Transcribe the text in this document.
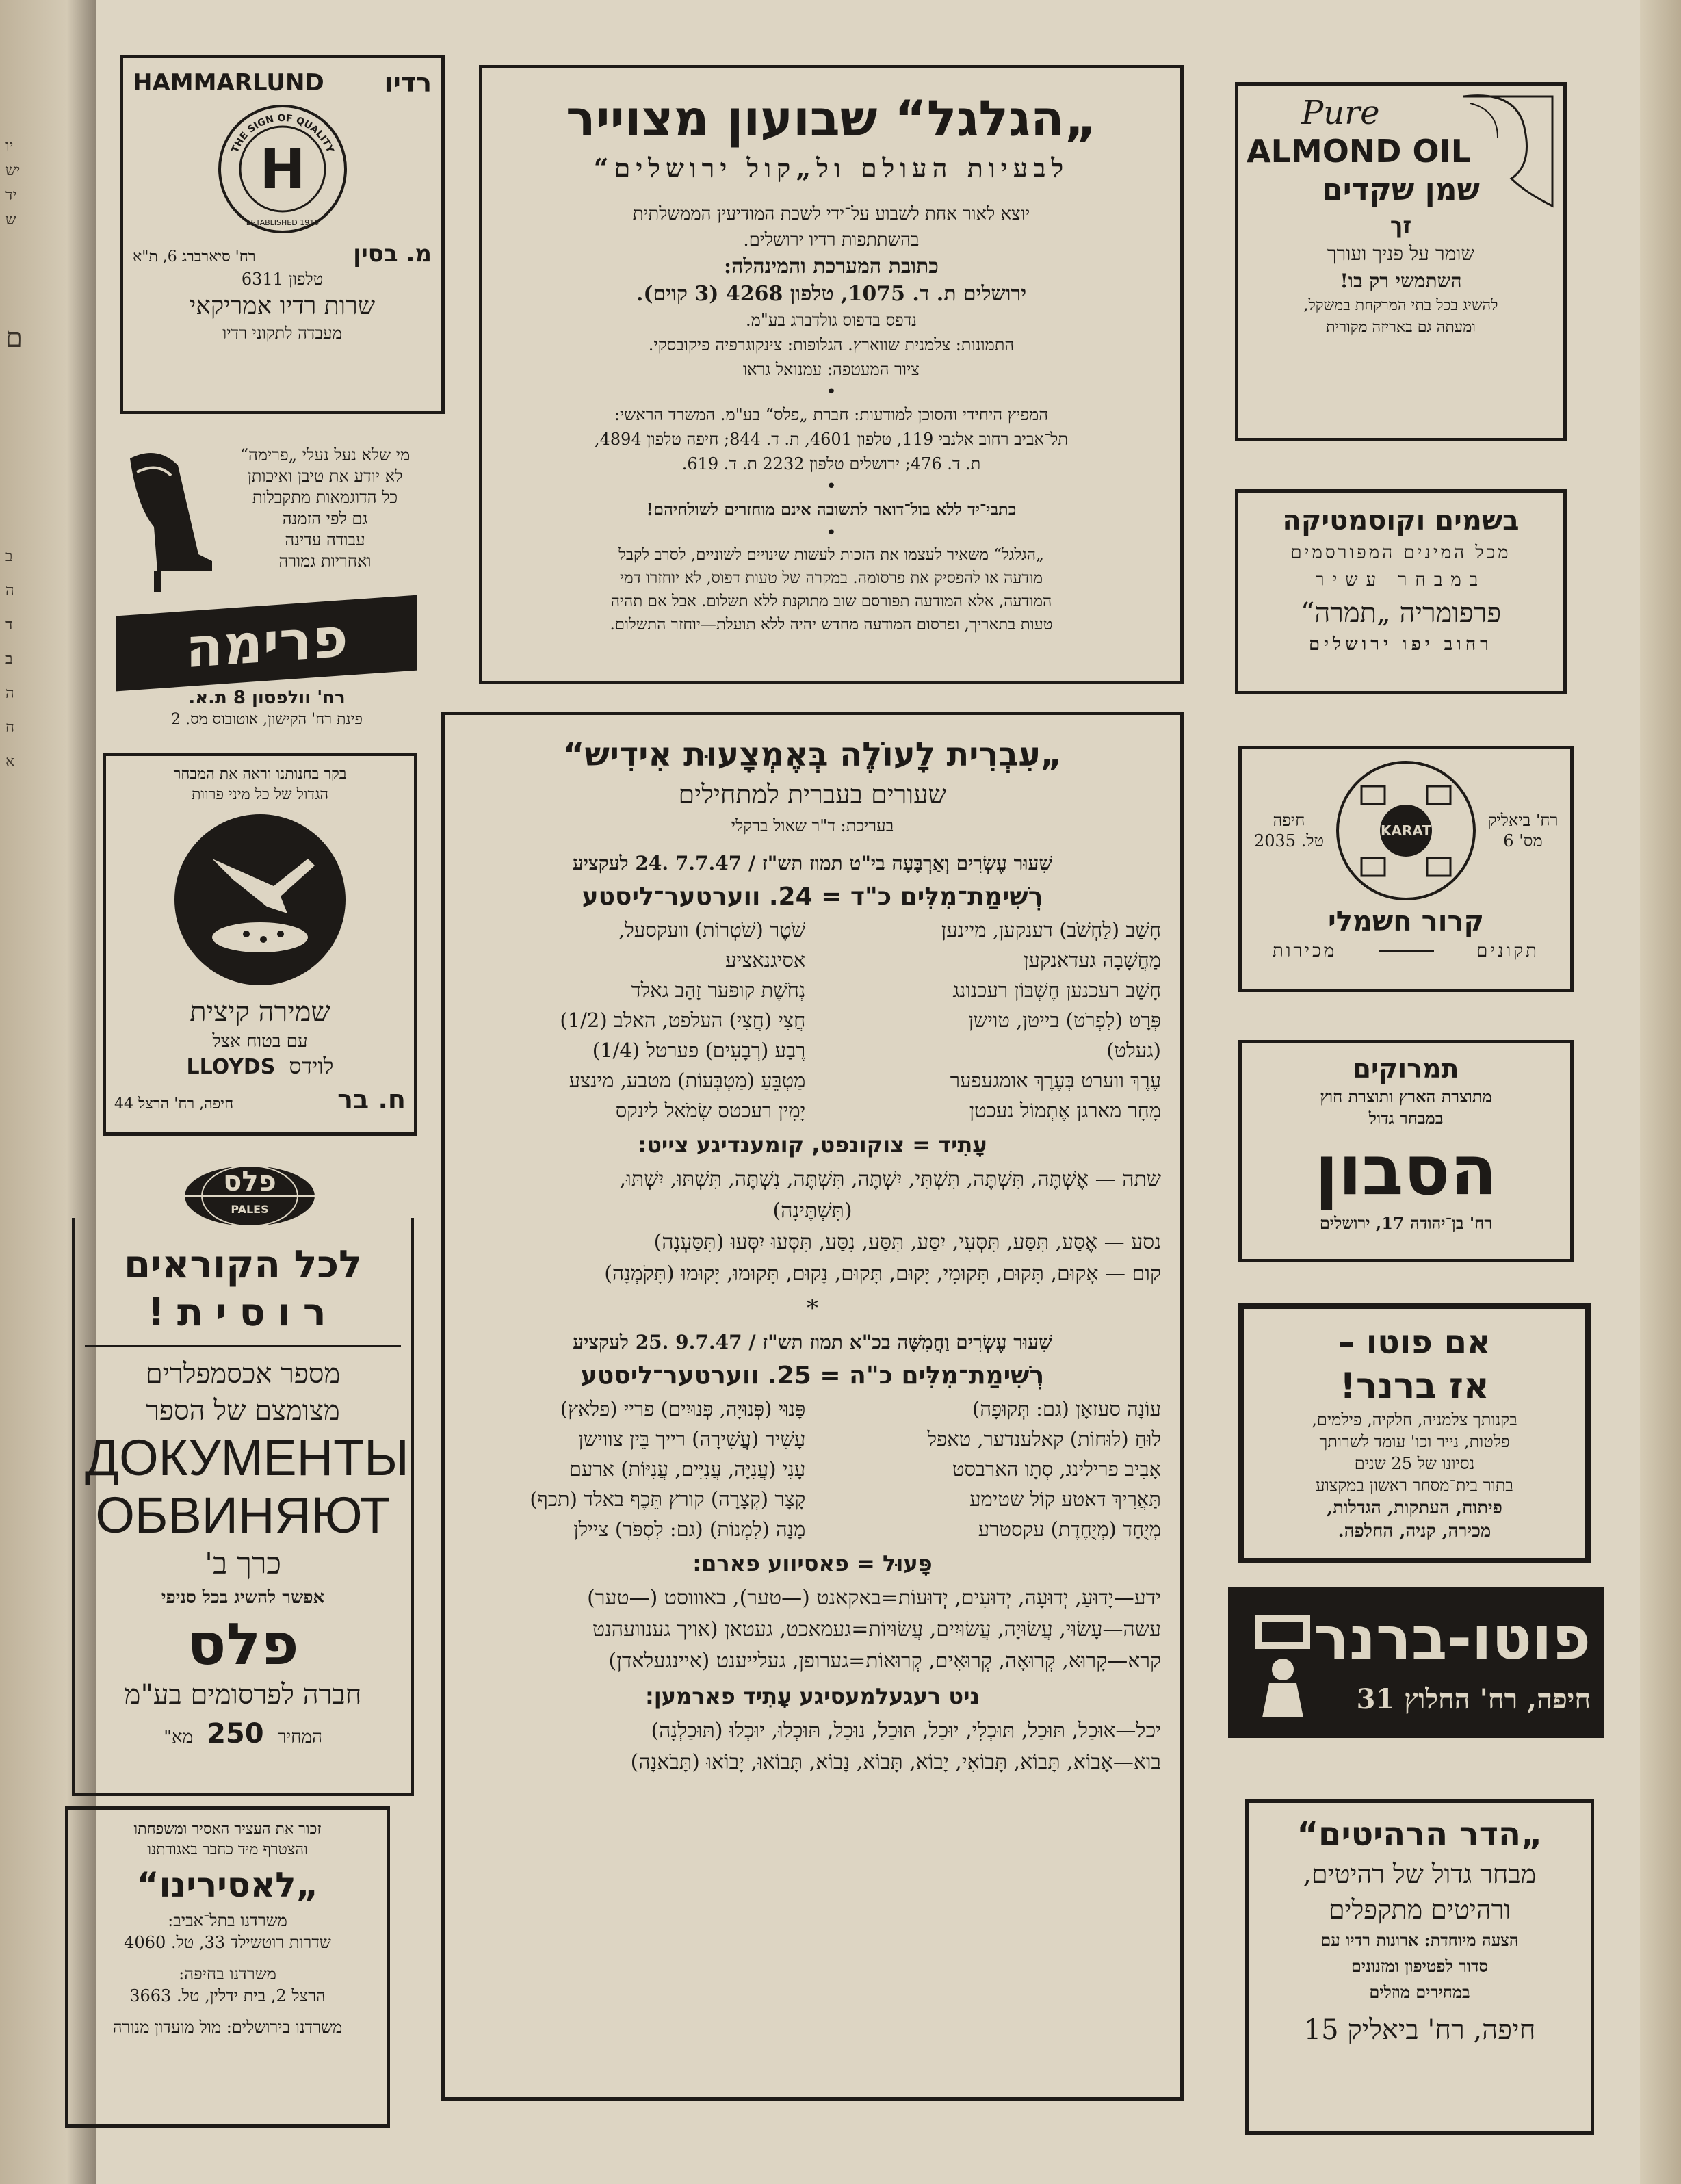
יו
יש
יד
ש
ם
ב
ה
ד
ב
ה
ח
א
„הגלגל“ שבועון מצוייר
לבעיות העולם ול„קול ירושלים“
יוצא לאור אחת לשבוע על־ידי לשכת המודיעין הממשלתית
בהשתתפות רדיו ירושלים.
כתובת המערכת והמינהלה:
ירושלים ת. ד. 1075, טלפון 4268 (3 קוים).
נדפס בדפוס גולדברג בע"מ.
התמונות: צלמנית שווארץ. הגלופות: צינקוגרפיה פיקובסקי.
ציור המעטפה: עמנואל גראו
•
המפיץ היחידי והסוכן למודעות: חברת „פלס“ בע"מ. המשרד הראשי:
תל־אביב רחוב אלנבי 119, טלפון 4601, ת. ד. 844; חיפה טלפון 4894,
ת. ד. 476; ירושלים טלפון 2232 ת. ד. 619.
•
כתבי־יד ללא בול־דואר לתשובה אינם מוחזרים לשולחיהם!
•
„הגלגל“ משאיר לעצמו את הזכות לעשות שינויים לשוניים, לסרב לקבל
מודעה או להפסיק את פרסומה. במקרה של טעות דפוס, לא יוחזרו דמי
המודעה, אלא המודעה תפורסם שוב מתוקנת ללא תשלום. אבל אם תהיה
טעות בתאריך, ופרסום המודעה מחדש יהיה ללא תועלת—יוחזר התשלום.
„עִבְרִית לָעוֹלֶה בְּאֶמְצָעוּת אִידִיש“
שעורים בעברית למתחילים
בעריכת: ד"ר שאול ברקלי
שִׁעוּר עֶשְׂרִים וְאַרְבָּעָה בי"ט תמוז תש"ז / 7.7.47 .24 לעקציע
רְשִׁימַת־מִלִּים כ"ד = 24. ווערטער־ליסטע
חָשַׁב (לַחְשֹׁב) דענקען, מיינען
שֹׁטֶר (שֹׁטְרוֹת) וועקסעל,
מַחֲשָׁבָה געדאנקען
אסיגנאציע
חָשַׁב רעכנען חֶשְׁבּוֹן רעכנונג
נְחֹשֶׁת קופּער זָהָב גאלד
פְּרָט (לִפְרֹט) בייטן, טוישן
חֲצִי (חֲצִי) העלפט, האלב (1/2)
(געלט)
רֶבַע (רְבָעִים) פערטל (1/4)
עֶרֶךְ ווערט בְּעֶרֶךְ אומגעפער
מַטְבֵּעַ (מַטְבְּעוֹת) מטבע, מינצע
מָחָר מארגן אֶתְמוֹל נעכטן
יָמִין רעכטס שְׂמֹאל לינקס
עָתִיד = צוקונפט, קומענדיגע צייט:
שתה — אֶשְׁתֶּה, תִּשְׁתֶּה, תִּשְׁתִּי, יִשְׁתֶּה, תִּשְׁתֶּה, נִשְׁתֶּה, תִּשְׁתּוּ, יִשְׁתּוּ,
(תִּשְׁתֶּינָה)
נסע — אֶסַּע, תִּסַּע, תִּסְּעִי, יִסַּע, תִּסַּע, נִסַּע, תִּסְּעוּ יִסְּעוּ (תִּסַּעְנָה)
קום — אָקוּם, תָּקוּם, תָּקוּמִי, יָקוּם, תָּקוּם, נָקוּם, תָּקוּמוּ, יָקוּמוּ (תָּקֹמְנָה)
*
שִׁעוּר עֶשְׂרִים וַחֲמִשָּׁה בכ"א תמוז תש"ז / 9.7.47 .25 לעקציע
רְשִׁימַת־מִלִּים כ"ה = 25. ווערטער־ליסטע
עוֹנָה סעזאָן (גם: תְּקוּפָה)
פָּנוּי (פְּנוּיָה, פְּנוּיִים) פריי (פלאץ)
לוּחַ (לוּחוֹת) קאלענדער, טאפל
עָשִׁיר (עֲשִׁירָה) רייך בֵּין צווישן
אָבִיב פרילינג, סְתָו הארבסט
עָנִי (עֲנִיָּה, עֲנִיִּים, עֲנִיּוֹת) ארעם
תַּאֲרִיךְ דאטע קוֹל שטימע
קָצָר (קְצָרָה) קורץ תֵּכֶף באלד (תכף)
מְיֻחָד (מְיֻחֶדֶת) עקסטרע
מָנָה (לִמְנוֹת) (גם: לִסְפֹּר) ציילן
פָּעוּל = פאסיווע פארם:
ידע—יָדוּעַ, יְדוּעָה, יְדוּעִים, יְדוּעוֹת=באקאנט (—טער), באוווסט (—טער)
עשה—עָשׂוּי, עֲשׂוּיָה, עֲשׂוּיִים, עֲשׂוּיוֹת=געמאכט, געטאן (אויך גענוועהנט
קרא—קָרוּא, קְרוּאָה, קְרוּאִים, קְרוּאוֹת=גערופן, געלייענט (איינגעלאדן)
ניט רעגעלמעסיגע עָתִיד פארמען:
יכל—אוּכַל, תּוּכַל, תּוּכְלִי, יוּכַל, תּוּכַל, נוּכַל, תּוּכְלוּ, יוּכְלוּ (תּוּכַלְנָה)
בוא—אָבוֹא, תָּבוֹא, תָּבוֹאִי, יָבוֹא, תָּבוֹא, נָבוֹא, תָּבוֹאוּ, יָבוֹאוּ (תָּבֹאנָה)
HAMMARLUND רדיו
THE SIGN OF QUALITY
H
ESTABLISHED 1910
מ. בסין
רח' סיארברג 6, ת"א
טלפון 6311
שרות רדיו אמריקאי
מעבדה לתקוני רדיו
מי שלא נעל נעלי „פרימה“
לא יודע את טיבן ואיכותן
כל הדוגמאות מתקבלות
גם לפי הזמנה
עבודה עדינה
ואחריות גמורה
פרימה
רח' וולפסון 8 ת.א.
פינת רח' הקישון, אוטובוס מס. 2
בקר בחנותנו וראה את המבחר
הגדול של כל מיני פרוות
שמירה קיצית
עם בטוח אצל
לוידס
LLOYDS
ח. בר
חיפה, רח' הרצל 44
פלס
PALES
לכל הקוראים
רוסית!
מספר אכסמפלרים
מצומצם של הספר
ДОКУМЕНТЫ
ОБВИНЯЮТ
כרך ב'
אפשר להשיג בכל סניפי
פלס
חברה לפרסומים בע"מ
המחיר
250
מא"
זכור את העציר האסיר ומשפחתו
והצטרף מיד כחבר באגודתנו
„לאסירינו“
משרדנו בתל־אביב:
שדרות רוטשילד 33, טל. 4060
משרדנו בחיפה:
הרצל 2, בית ידלין, טל. 3663
משרדנו בירושלים: מול מועדון מנורה
Pure
ALMOND OIL
שמן שקדים
זך
שומר על פניך ועורך
השתמשי רק בו!
להשיג בכל בתי המרקחת במשקל,
ומעתה גם באריזה מקורית
בשמים וקוסמטיקה
מכל המינים המפורסמים
במבחר עשיר
פרפומריה „תמרה“
רחוב יפו ירושלים
רח' ביאליק מס' 6
KARAT
חיפה
טל. 2035
קרור חשמלי
תקונים
מכירות
תמרוקים
מתוצרת הארץ ותוצרת חוץ
במבחר גדול
הסבון
רח' בן־יהודה 17, ירושלים
אם פוטו –
אז ברנר!
בקנותך צלמניה, חלקיה, פילמים,
פלטות, נייר וכו' עומד לשרותך
נסיונו של 25 שנים
בתור בית־מסחר ראשון במקצוע
פיתוח, העתקות, הגדלות,
מכירה, קניה, החלפה.
פוטו-ברנר
חיפה, רח' החלוץ 31
„הדר הרהיטים“
מבחר גדול של רהיטים,
ורהיטים מתקפלים
הצעה מיוחדת: ארונות רדיו עם
סדור לפטיפון ומזנונים
במחירים מוזלים
חיפה, רח' ביאליק 15
